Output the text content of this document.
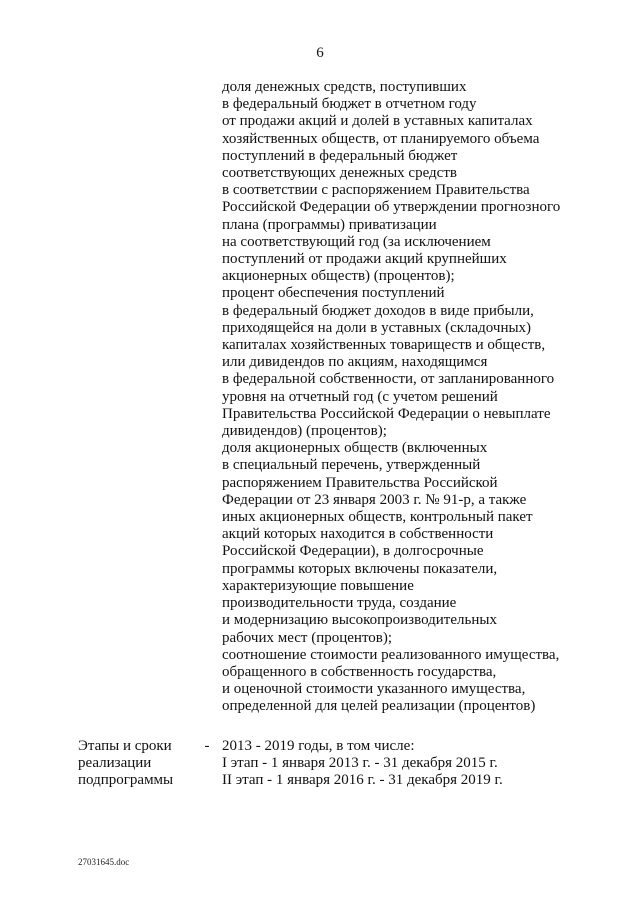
6
доля денежных средств, поступивших
в федеральный бюджет в отчетном году
от продажи акций и долей в уставных капиталах
хозяйственных обществ, от планируемого объема
поступлений в федеральный бюджет
соответствующих денежных средств
в соответствии с распоряжением Правительства
Российской Федерации об утверждении прогнозного
плана (программы) приватизации
на соответствующий год (за исключением
поступлений от продажи акций крупнейших
акционерных обществ) (процентов);
процент обеспечения поступлений
в федеральный бюджет доходов в виде прибыли,
приходящейся на доли в уставных (складочных)
капиталах хозяйственных товариществ и обществ,
или дивидендов по акциям, находящимся
в федеральной собственности, от запланированного
уровня на отчетный год (с учетом решений
Правительства Российской Федерации о невыплате
дивидендов) (процентов);
доля акционерных обществ (включенных
в специальный перечень, утвержденный
распоряжением Правительства Российской
Федерации от 23 января 2003 г. № 91-р, а также
иных акционерных обществ, контрольный пакет
акций которых находится в собственности
Российской Федерации), в долгосрочные
программы которых включены показатели,
характеризующие повышение
производительности труда, создание
и модернизацию высокопроизводительных
рабочих мест (процентов);
соотношение стоимости реализованного имущества,
обращенного в собственность государства,
и оценочной стоимости указанного имущества,
определенной для целей реализации (процентов)
Этапы и сроки
реализации
подпрограммы
- 2013 - 2019 годы, в том числе:
I этап - 1 января 2013 г. - 31 декабря 2015 г.
II этап - 1 января 2016 г. - 31 декабря 2019 г.
27031645.doc
